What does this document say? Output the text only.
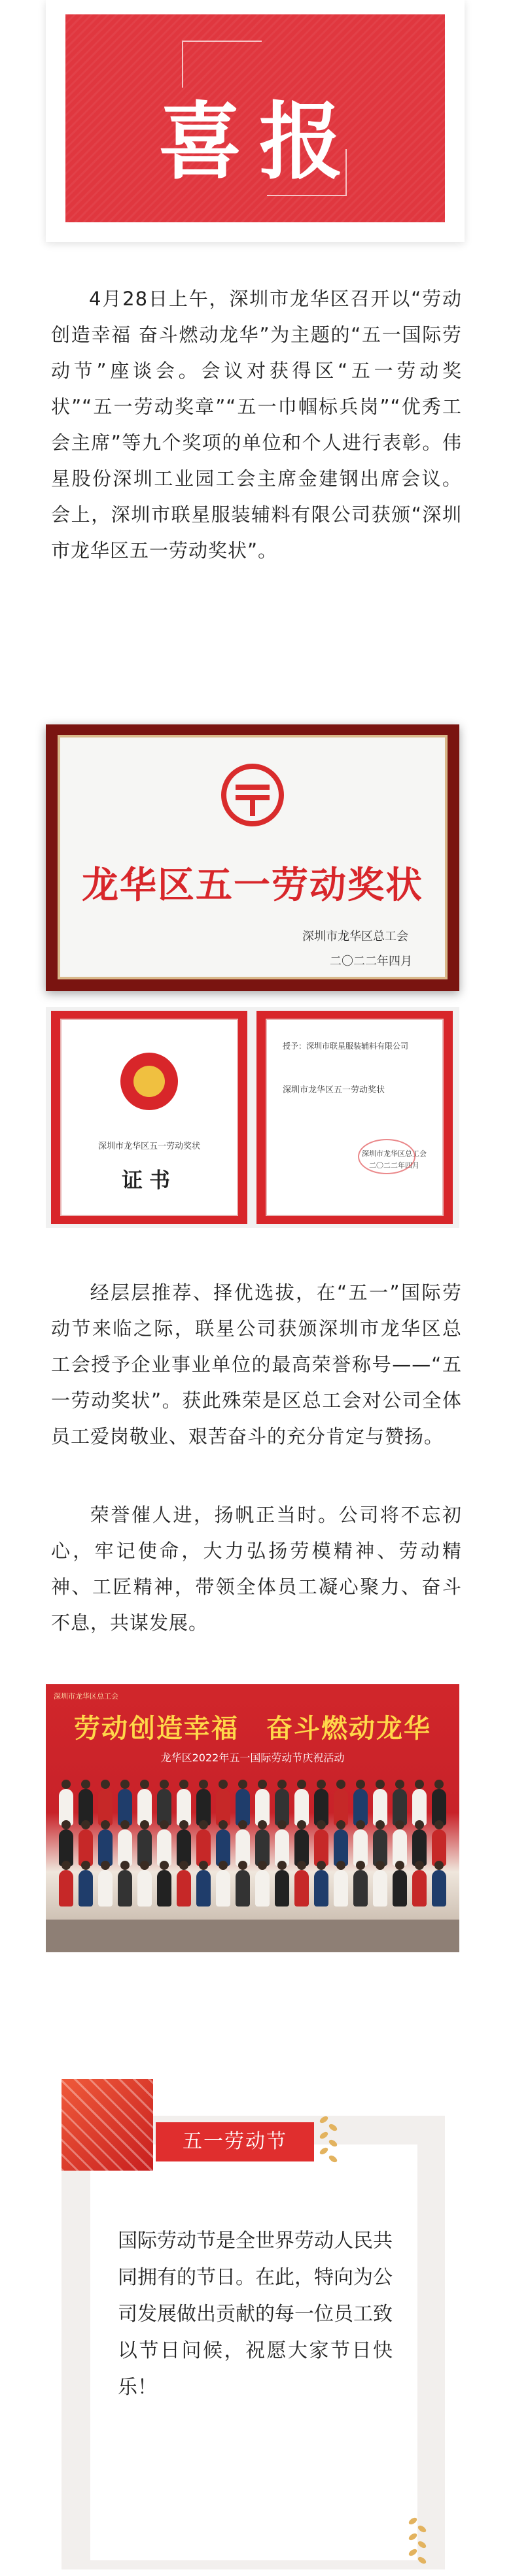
喜报
4月28日上午，深圳市龙华区召开以“劳动创造幸福 奋斗燃动龙华”为主题的“五一国际劳动节”座谈会。会议对获得区“五一劳动奖状”“五一劳动奖章”“五一巾帼标兵岗”“优秀工会主席”等九个奖项的单位和个人进行表彰。伟星股份深圳工业园工会主席金建钢出席会议。会上，深圳市联星服装辅料有限公司获颁“深圳市龙华区五一劳动奖状”。
龙华区五一劳动奖状
深圳市龙华区总工会
二〇二二年四月
深圳市龙华区五一劳动奖状
证书
授予：深圳市联星服装辅料有限公司
深圳市龙华区五一劳动奖状
深圳市龙华区总工会
二〇二二年四月
经层层推荐、择优选拔，在“五一”国际劳动节来临之际，联星公司获颁深圳市龙华区总工会授予企业事业单位的最高荣誉称号——“五一劳动奖状”。获此殊荣是区总工会对公司全体员工爱岗敬业、艰苦奋斗的充分肯定与赞扬。
荣誉催人进，扬帆正当时。公司将不忘初心，牢记使命，大力弘扬劳模精神、劳动精神、工匠精神，带领全体员工凝心聚力、奋斗不息，共谋发展。
深圳市龙华区总工会
劳动创造幸福　奋斗燃动龙华
龙华区2022年五一国际劳动节庆祝活动
五一劳动节
国际劳动节是全世界劳动人民共同拥有的节日。在此，特向为公司发展做出贡献的每一位员工致以节日问候，祝愿大家节日快乐！
